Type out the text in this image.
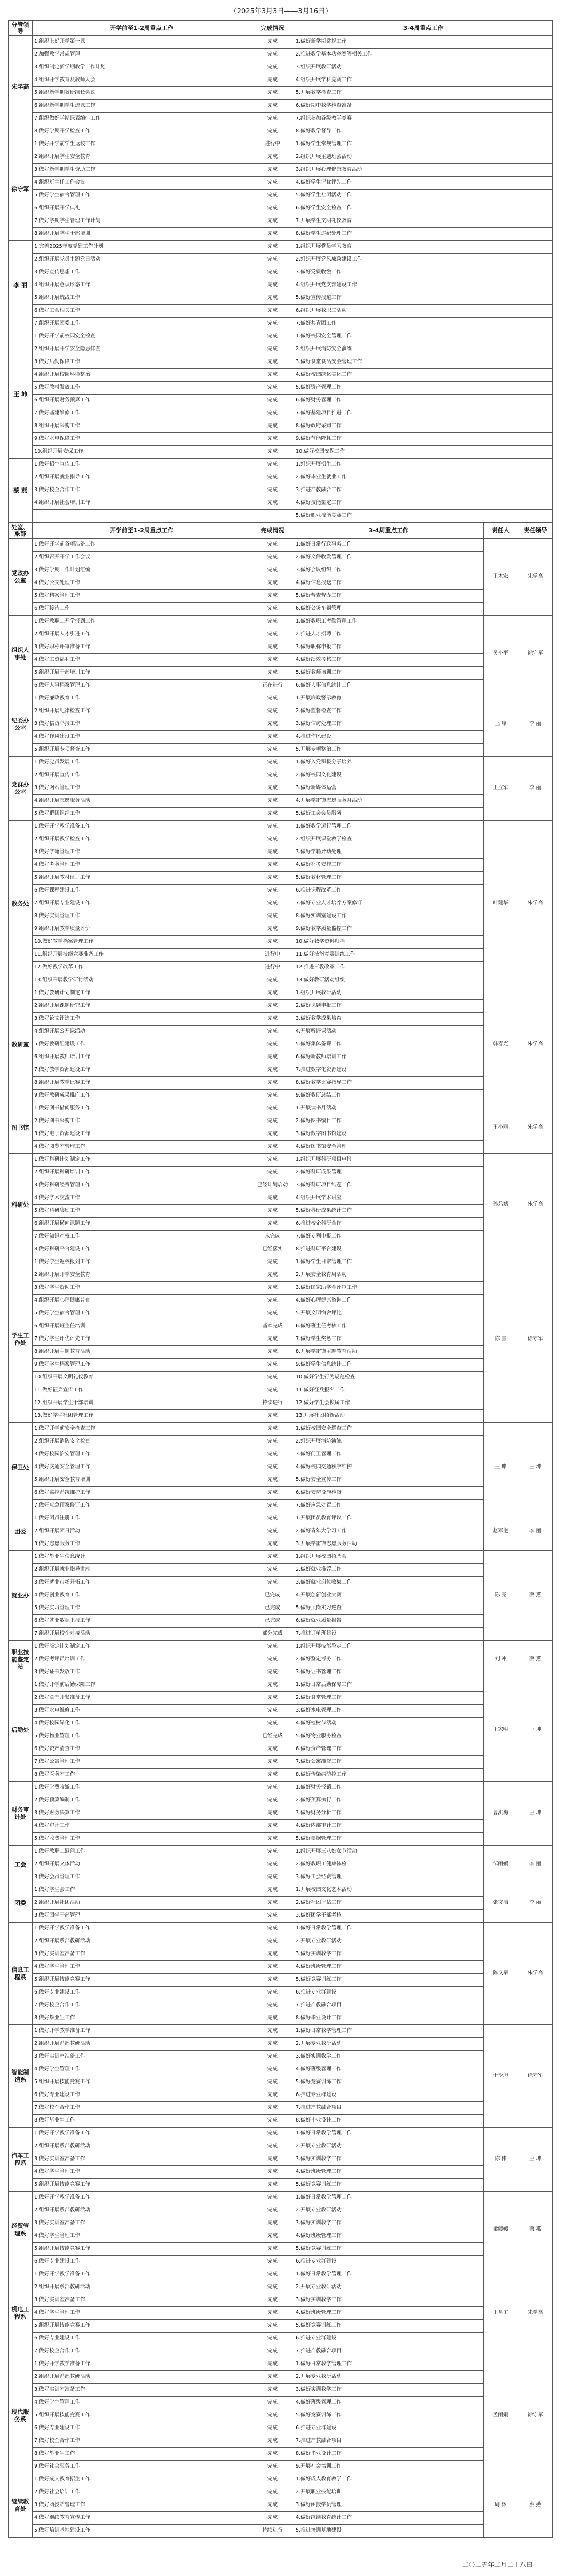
（2025年3月3日——3月16日）
分管领导	开学前至1-2周重点工作	完成情况	3-4周重点工作		
朱学高	1.组织上好开学第一课	完成	1.做好新学期常规工作		
	2.加强教学常规管理	完成	2.推进教学基本功竞赛等相关工作		
	3.组织制定新学期教学工作计划	完成	3.组织开展教研活动		
	4.组织开学教育及教师大会	完成	4.组织开展学科竞赛工作		
	5.组织新学期教研组长会议	完成	5.开展教学检查工作		
	6.组织新学期学生选课工作	完成	6.做好期中教学检查准备		
	7.组织做好学期课表编排工作	完成	7.组织参加各级教学竞赛		
	8.做好学期开学检查工作	完成	8.做好教学督导工作		
徐守军	1.做好开学前学生返校工作	进行中	1.做好学生常规管理工作		
	2.组织开展学生安全教育	完成	2.组织开展主题班会活动		
	3.做好新学期学生资助工作	完成	3.组织开展心理健康教育活动		
	4.组织班主任工作会议	完成	4.做好学生评优评先工作		
	5.做好学生宿舍管理工作	完成	5.做好学生社团活动工作		
	6.组织开展开学典礼	完成	6.做好学生安全检查工作		
	7.做好学期学生管理工作计划	完成	7.开展学生文明礼仪教育		
	8.组织开展学生干部培训	完成	8.做好学生违纪处理工作		
李 丽	1.完善2025年度党建工作计划	完成	1.组织开展党员学习教育		
	2.组织开展党员主题党日活动	完成	2.组织开展党风廉政建设工作		
	3.做好宣传思想工作	完成	3.做好党费收缴工作		
	4.组织开展意识形态工作	完成	4.组织开展党支部建设工作		
	5.组织开展统战工作	完成	5.做好宣传报道工作		
	6.做好工会相关工作	完成	6.组织开展教职工活动		
	7.组织开展团委工作	完成	7.做好共青团工作		
王 坤	1.做好开学前校园安全检查	完成	1.做好校园安全管理工作		
	2.组织开展开学安全隐患排查	完成	2.组织开展消防安全演练		
	3.做好后勤保障工作	完成	3.做好食堂食品安全管理工作		
	4.组织开展校园环境整治	完成	4.做好校园绿化美化工作		
	5.做好教材发放工作	完成	5.做好资产管理工作		
	6.组织开展财务预算工作	完成	6.做好财务管理工作		
	7.做好基建维修工作	完成	7.做好基建项目推进工作		
	8.组织开展采购工作	完成	8.做好政府采购工作		
	9.做好水电保障工作	完成	9.做好节能降耗工作		
	10.组织开展安保工作	完成	10.做好校园安保工作		
蔡 燕	1.做好招生宣传工作	完成	1.组织开展招生工作		
	2.组织开展就业指导工作	完成	2.做好毕业生就业工作		
	3.做好校企合作工作	完成	3.推进产教融合工作		
	4.组织开展社会培训工作	完成	4.做好技能鉴定工作		
			5.做好职业技能竞赛工作		
处室、系部	开学前至1-2周重点工作	完成情况	3-4周重点工作	责任人	责任领导
党政办公室	1.做好开学前各项准备工作	完成	1.做好日常行政事务工作	王木宏	朱学高
	2.组织召开开学工作会议	完成	2.做好文件收发管理工作		
	3.做好学期工作计划汇编	完成	3.做好会议组织工作		
	4.做好公文处理工作	完成	4.做好信息报送工作		
	5.做好档案管理工作	完成	5.做好督查督办工作		
	6.做好接待工作	完成	6.做好公务车辆管理		
组织人事处	1.做好教职工开学报到工作	完成	1.做好教职工考勤管理工作	吴小平	徐守军
	2.组织开展人才引进工作	完成	2.推进人才招聘工作		
	3.做好职称评审准备工作	完成	3.做好职称申报工作		
	4.做好工资福利工作	完成	4.做好绩效考核工作		
	5.组织开展干部培训工作	完成	5.做好教师培训工作		
	6.做好人事档案管理工作	正在进行	6.做好人事信息统计工作		
纪委办公室	1.做好廉政教育工作	完成	1.开展廉政警示教育	王 峰	李 丽
	2.组织开展纪律检查工作	完成	2.做好监督检查工作		
	3.做好信访举报工作	完成	3.做好信访处理工作		
	4.做好作风建设工作	完成	4.推进作风建设		
	5.组织开展专项督查工作	完成	5.开展专项整治工作		
党群办公室	1.做好党员发展工作	完成	1.做好入党积极分子培养	王立军	李 丽
	2.组织开展宣传工作	完成	2.做好校园文化建设		
	3.做好网站管理工作	完成	3.做好新媒体运营		
	4.组织开展志愿服务活动	完成	4.开展学雷锋志愿服务月活动		
	5.做好群团组织工作	完成	5.做好工会会员服务		
教务处	1.做好开学教学准备工作	完成	1.做好教学运行管理工作	叶建华	朱学高
	2.组织开展教学检查工作	完成	2.组织开展课堂教学检查		
	3.做好学籍管理工作	完成	3.做好学籍异动处理		
	4.做好考务管理工作	完成	4.做好补考安排工作		
	5.组织开展教材征订工作	完成	5.做好教材管理工作		
	6.做好课程建设工作	完成	6.推进课程改革工作		
	7.组织开展专业建设工作	完成	7.做好专业人才培养方案修订		
	8.做好实训管理工作	完成	8.做好实训室建设工作		
	9.组织开展教学质量评价	完成	9.做好教学质量监控工作		
	10.做好教学档案管理工作	完成	10.做好教学资料归档		
	11.组织开展技能竞赛准备工作	进行中	11.做好技能竞赛训练工作		
	12.做好教学改革工作	进行中	12.推进三教改革工作		
	13.组织开展教学研讨活动	完成	13.做好教研活动组织		
教研室	1.做好教研计划制定工作	完成	1.组织开展教研活动	韩春光	朱学高
	2.组织开展课题研究工作	完成	2.做好课题申报工作		
	3.做好论文评选工作	完成	3.做好教学成果培育		
	4.组织开展公开课活动	完成	4.开展听评课活动		
	5.做好教研组建设工作	完成	5.做好集体备课工作		
	6.组织开展教师培训工作	完成	6.做好新教师培训工作		
	7.做好教学资源建设工作	完成	7.推进数字化资源建设		
	8.组织开展教学比赛工作	完成	8.做好教学比赛指导工作		
	9.做好教研成果推广工作	完成	9.做好教研总结工作		
图书馆	1.做好图书借阅服务工作	完成	1.开展读书月活动	王小丽	朱学高
	2.做好图书采购工作	完成	2.做好图书编目工作		
	3.做好电子资源建设工作	完成	3.做好数字图书馆建设		
	4.做好阅览室管理工作	完成	4.做好图书馆安全管理		
科研处	1.做好科研计划制定工作	完成	1.组织开展科研项目申报	孙乐斌	朱学高
	2.组织开展科研培训工作	完成	2.做好科研成果管理		
	3.做好科研经费管理工作	已经计划启动	3.做好科研项目结题工作		
	4.做好学术交流工作	完成	4.组织开展学术讲座		
	5.做好科研奖励工作	完成	5.做好科研成果统计工作		
	6.组织开展横向课题工作	完成	6.推进校企科研合作		
	7.做好知识产权工作	未完成	7.做好专利申报工作		
	8.做好科研平台建设工作	已经落实	8.推进科研平台建设		
学生工作处	1.做好学生返校报到工作	完成	1.做好学生日常管理工作	陈 雪	徐守军
	2.组织开展开学安全教育	完成	2.开展安全教育周活动		
	3.做好学生资助工作	完成	3.做好国家助学金评审工作		
	4.组织开展心理健康普查	完成	4.做好心理健康咨询工作		
	5.做好学生宿舍管理工作	完成	5.开展文明宿舍评比		
	6.组织开展班主任培训	基本完成	6.做好班主任考核工作		
	7.做好学生评优评先工作	完成	7.做好学生奖惩工作		
	8.组织开展主题教育活动	完成	8.开展学雷锋主题教育活动		
	9.做好学生档案管理工作	完成	9.做好学生信息统计工作		
	10.组织开展文明礼仪教育	完成	10.做好学生行为规范检查		
	11.做好征兵宣传工作	完成	11.做好征兵报名工作		
	12.组织开展学生干部培训	持续进行	12.做好学生会换届工作		
	13.做好学生社团管理工作	完成	13.开展社团招新活动		
保卫处	1.做好开学前安全检查工作	完成	1.做好校园安全巡查工作	王 坤	王 坤
	2.组织开展消防安全检查	完成	2.组织开展消防演练		
	3.做好校园治安管理工作	完成	3.做好门卫管理工作		
	4.做好交通安全管理工作	完成	4.做好校园交通秩序维护		
	5.组织开展安全教育培训	完成	5.做好安全宣传工作		
	6.做好监控系统维护工作	完成	6.做好安防设施检修		
	7.做好应急预案修订工作	完成	7.做好应急处置工作		
团委	1.做好团员注册工作	完成	1.开展团员教育评议工作	赵军艳	李 丽
	2.组织开展团日活动	完成	2.做好青年大学习工作		
	3.做好志愿服务工作	完成	3.开展学雷锋志愿服务活动		
就业办	1.做好毕业生信息统计	完成	1.组织开展校园招聘会	陈 亮	蔡 燕
	2.组织开展就业指导讲座	完成	2.做好就业推荐工作		
	3.做好就业市场开拓工作	完成	3.做好就业岗位收集工作		
	4.做好创业教育工作	已完成	4.开展创新创业大赛		
	5.做好实习管理工作	已完成	5.做好顶岗实习巡查		
	6.做好就业数据上报工作	已完成	6.做好就业质量报告		
	7.组织开展校企对接活动	部分完成	7.推进订单班建设		
职业技能鉴定站	1.做好鉴定计划制定工作	完成	1.组织开展技能鉴定工作	刘 冲	蔡 燕
	2.做好考评员培训工作	完成	2.做好鉴定考务工作		
	3.做好证书发放工作	完成	3.做好证书管理工作		
后勤处	1.做好开学前后勤保障工作	完成	1.做好日常后勤保障工作	王家明	王 坤
	2.做好食堂开餐准备工作	完成	2.做好食堂管理工作		
	3.做好水电维修工作	完成	3.做好水电管理工作		
	4.做好校园绿化工作	完成	4.做好植树节活动		
	5.做好物业管理工作	已经完成	5.做好物业服务检查		
	6.做好资产清查工作	完成	6.做好资产管理工作		
	7.做好公寓管理工作	完成	7.做好公寓维修工作		
	8.做好医务室工作	完成	8.做好传染病防控工作		
财务审计处	1.做好学费收缴工作	完成	1.做好财务报销工作	曹洪梅	王 坤
	2.做好预算编制工作	完成	2.做好预算执行工作		
	3.做好财务决算工作	完成	3.做好财务分析工作		
	4.做好审计工作	完成	4.做好内部审计工作		
	5.做好收费管理工作	完成	5.做好票据管理工作		
工会	1.做好教职工慰问工作	完成	1.组织开展三八妇女节活动	邹丽媛	李 丽
	2.组织开展文体活动	完成	2.做好教职工健康体检		
	3.做好会员管理工作	完成	3.做好工会经费管理		
团委	1.做好学生会工作	完成	1.开展校园文化艺术活动	张文洁	李 丽
	2.组织开展社团活动	完成	2.做好社团评估工作		
	3.做好团学干部管理	完成	3.做好团学干部考核		
信息工程系	1.做好开学教学准备工作	完成	1.做好日常教学管理工作	陈文军	朱学高
	2.组织开展系部教研活动	完成	2.开展专业教研活动		
	3.做好实训室准备工作	完成	3.做好实训教学工作		
	4.做好学生管理工作	完成	4.做好班级管理工作		
	5.组织开展技能竞赛工作	完成	5.做好竞赛训练工作		
	6.做好专业建设工作	完成	6.推进专业群建设		
	7.做好校企合作工作	完成	7.推进产教融合项目		
	8.做好毕业生工作	完成	8.做好毕业设计工作		
智能制造系	1.做好开学教学准备工作	完成	1.做好日常教学管理工作	于少旭	徐守军
	2.组织开展系部教研活动	完成	2.开展专业教研活动		
	3.做好实训室准备工作	完成	3.做好实训教学工作		
	4.做好学生管理工作	完成	4.做好班级管理工作		
	5.组织开展技能竞赛工作	完成	5.做好竞赛训练工作		
	6.做好专业建设工作	完成	6.推进专业群建设		
	7.做好校企合作工作	完成	7.推进产教融合项目		
	8.做好毕业生工作	完成	8.做好毕业设计工作		
汽车工程系	1.做好开学教学准备工作	完成	1.做好日常教学管理工作	陈 伟	王 坤
	2.组织开展系部教研活动	完成	2.开展专业教研活动		
	3.做好实训室准备工作	完成	3.做好实训教学工作		
	4.做好学生管理工作	完成	4.做好班级管理工作		
	5.组织开展技能竞赛工作	完成	5.做好竞赛训练工作		
经贸管理系	1.做好开学教学准备工作	完成	1.做好日常教学管理工作	梁媛媛	蔡 燕
	2.组织开展系部教研活动	完成	2.开展专业教研活动		
	3.做好实训室准备工作	完成	3.做好实训教学工作		
	4.做好学生管理工作	完成	4.做好班级管理工作		
	5.组织开展技能竞赛工作	完成	5.做好竞赛训练工作		
	6.做好专业建设工作	完成	6.推进专业群建设		
机电工程系	1.做好开学教学准备工作	完成	1.做好日常教学管理工作	王星宇	朱学高
	2.组织开展系部教研活动	完成	2.开展专业教研活动		
	3.做好实训室准备工作	完成	3.做好实训教学工作		
	4.做好学生管理工作	完成	4.做好班级管理工作		
	5.组织开展技能竞赛工作	完成	5.做好竞赛训练工作		
	6.做好专业建设工作	完成	6.推进专业群建设		
	7.做好校企合作工作	完成	7.推进产教融合项目		
现代服务系	1.做好开学教学准备工作	完成	1.做好日常教学管理工作	孟丽娟	徐守军
	2.组织开展系部教研活动	完成	2.开展专业教研活动		
	3.做好实训室准备工作	完成	3.做好实训教学工作		
	4.做好学生管理工作	完成	4.做好班级管理工作		
	5.组织开展技能竞赛工作	完成	5.做好竞赛训练工作		
	6.做好专业建设工作	完成	6.推进专业群建设		
	7.做好校企合作工作	完成	7.推进产教融合项目		
	8.做好毕业生工作	完成	8.做好毕业设计工作		
	9.做好社会服务工作	完成	9.开展社会培训工作		
继续教育处	1.做好成人教育招生工作	完成	1.做好成人教育教学工作	周 林	蔡 燕
	2.做好社会培训工作	完成	2.开展职业技能培训		
	3.做好函授站管理工作	完成	3.做好函授学员管理		
	4.做好继续教育宣传工作	完成	4.做好继续教育统计工作		
	5.做好培训基地建设工作	持续进行	5.推进培训基地建设		
二〇二五年二月二十八日
